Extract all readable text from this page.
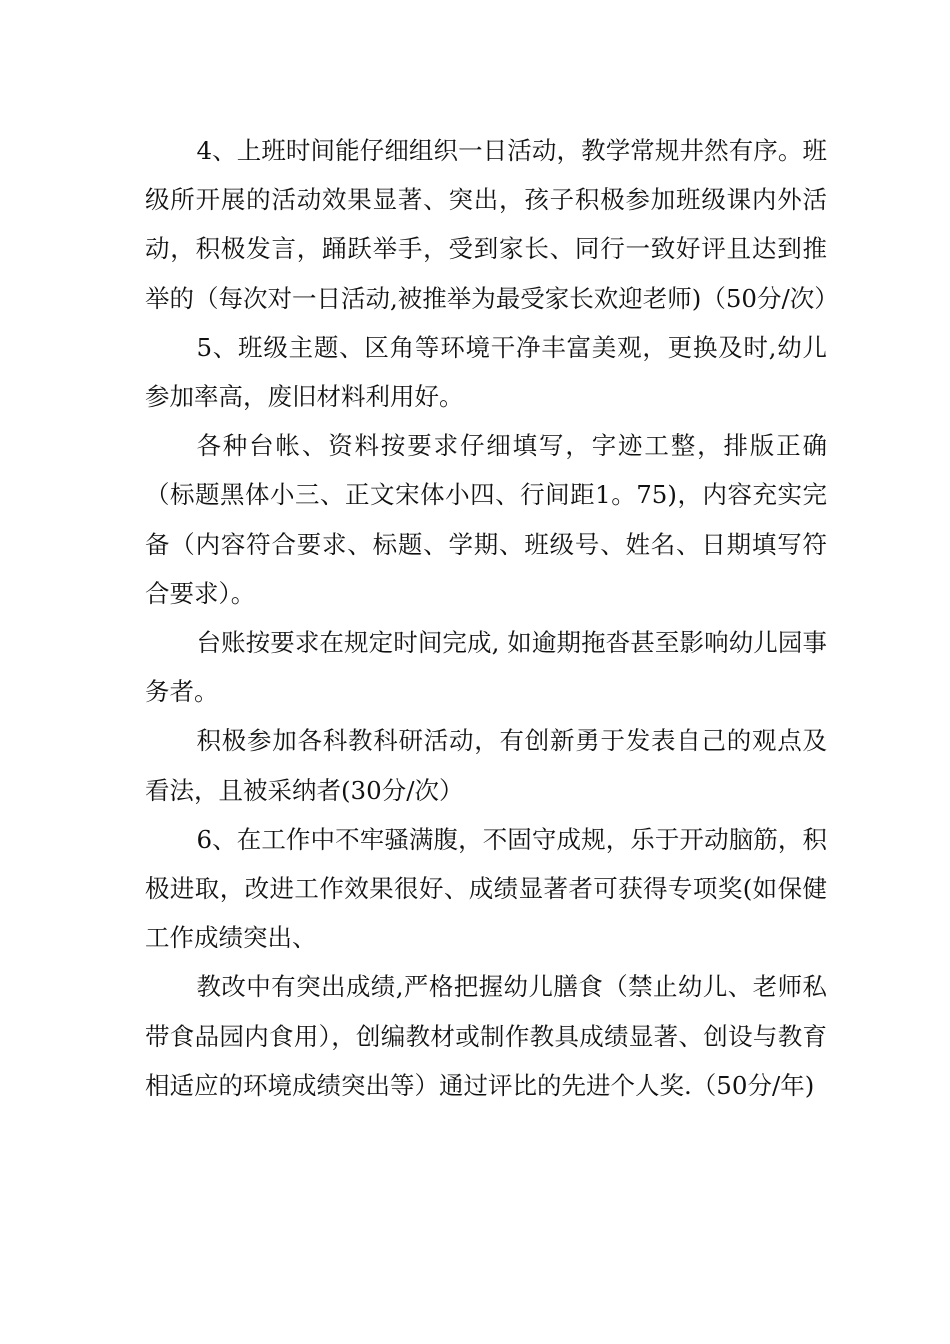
4、上班时间能仔细组织一日活动，教学常规井然有序。班级所开展的活动效果显著、突出，孩子积极参加班级课内外活动，积极发言，踊跃举手，受到家长、同行一致好评且达到推举的（每次对一日活动,被推举为最受家长欢迎老师)（50分/次）

5、班级主题、区角等环境干净丰富美观，更换及时,幼儿参加率高，废旧材料利用好。

各种台帐、资料按要求仔细填写，字迹工整，排版正确（标题黑体小三、正文宋体小四、行间距1。75)，内容充实完备（内容符合要求、标题、学期、班级号、姓名、日期填写符合要求）。

台账按要求在规定时间完成, 如逾期拖沓甚至影响幼儿园事务者。

积极参加各科教科研活动，有创新勇于发表自己的观点及看法，且被采纳者(30分/次）

6、在工作中不牢骚满腹，不固守成规，乐于开动脑筋，积极进取，改进工作效果很好、成绩显著者可获得专项奖(如保健工作成绩突出、

教改中有突出成绩,严格把握幼儿膳食（禁止幼儿、老师私带食品园内食用），创编教材或制作教具成绩显著、创设与教育相适应的环境成绩突出等）通过评比的先进个人奖.（50分/年)
